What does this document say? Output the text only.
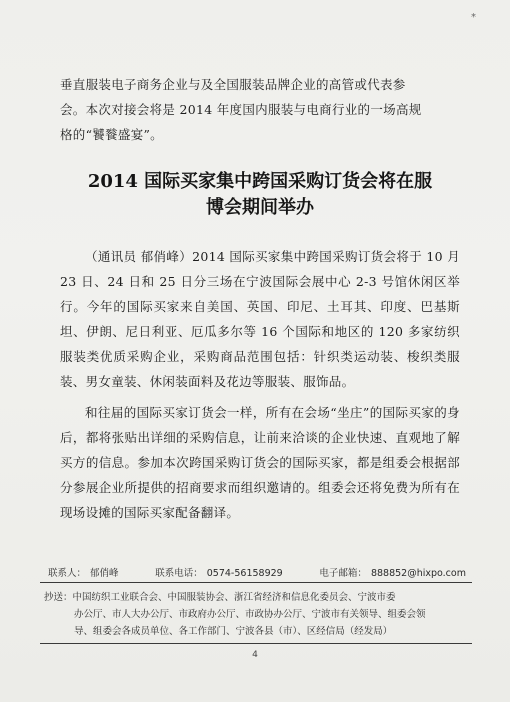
*

垂直服装电子商务企业与及全国服装品牌企业的高管或代表参

会。本次对接会将是 2014 年度国内服装与电商行业的一场高规

格的“饕餮盛宴”。

2014 国际买家集中跨国采购订货会将在服
博会期间举办

（通讯员 郁俏峰）2014 国际买家集中跨国采购订货会将于 10 月 23 日、24 日和 25 日分三场在宁波国际会展中心 2-3 号馆休闲区举行。今年的国际买家来自美国、英国、印尼、土耳其、印度、巴基斯坦、伊朗、尼日利亚、厄瓜多尔等 16 个国际和地区的 120 多家纺织服装类优质采购企业，采购商品范围包括：针织类运动装、梭织类服装、男女童装、休闲装面料及花边等服装、服饰品。

和往届的国际买家订货会一样，所有在会场“坐庄”的国际买家的身后，都将张贴出详细的采购信息，让前来洽谈的企业快速、直观地了解买方的信息。参加本次跨国采购订货会的国际买家，都是组委会根据部分参展企业所提供的招商要求而组织邀请的。组委会还将免费为所有在现场设摊的国际买家配备翻译。

联系人： 郁俏峰	联系电话： 0574-56158929	电子邮箱： 888852@hixpo.com

抄送：中国纺织工业联合会、中国服装协会、浙江省经济和信息化委员会、宁波市委

办公厅、市人大办公厅、市政府办公厅、市政协办公厅、宁波市有关领导、组委会领

导、组委会各成员单位、各工作部门、宁波各县（市）、区经信局（经发局）

4
